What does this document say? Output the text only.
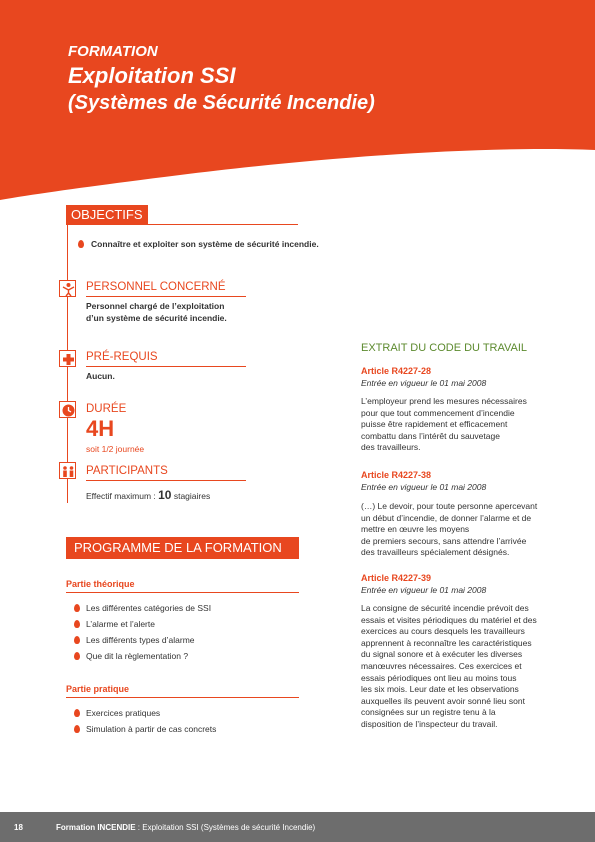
FORMATION
Exploitation SSI
(Systèmes de Sécurité Incendie)
OBJECTIFS
Connaître et exploiter son système de sécurité incendie.
PERSONNEL CONCERNÉ
Personnel chargé de l’exploitation
d’un système de sécurité incendie.
PRÉ-REQUIS
Aucun.
DURÉE
4H
soit 1/2 journée
PARTICIPANTS
Effectif maximum : 10 stagiaires
PROGRAMME DE LA FORMATION
Partie théorique
Les différentes catégories de SSI
L’alarme et l’alerte
Les différents types d’alarme
Que dit la règlementation ?
Partie pratique
Exercices pratiques
Simulation à partir de cas concrets
EXTRAIT DU CODE DU TRAVAIL
Article R4227-28
Entrée en vigueur le 01 mai 2008
L’employeur prend les mesures nécessaires
pour que tout commencement d’incendie
puisse être rapidement et efficacement
combattu dans l’intérêt du sauvetage
des travailleurs.
Article R4227-38
Entrée en vigueur le 01 mai 2008
(…) Le devoir, pour toute personne apercevant
un début d’incendie, de donner l’alarme et de
mettre en œuvre les moyens
de premiers secours, sans attendre l’arrivée
des travailleurs spécialement désignés.
Article R4227-39
Entrée en vigueur le 01 mai 2008
La consigne de sécurité incendie prévoit des
essais et visites périodiques du matériel et des
exercices au cours desquels les travailleurs
apprennent à reconnaître les caractéristiques
du signal sonore et à exécuter les diverses
manœuvres nécessaires. Ces exercices et
essais périodiques ont lieu au moins tous
les six mois. Leur date et les observations
auxquelles ils peuvent avoir sonné lieu sont
consignées sur un registre tenu à la
disposition de l’inspecteur du travail.
18	Formation INCENDIE : Exploitation SSI (Systèmes de sécurité Incendie)
